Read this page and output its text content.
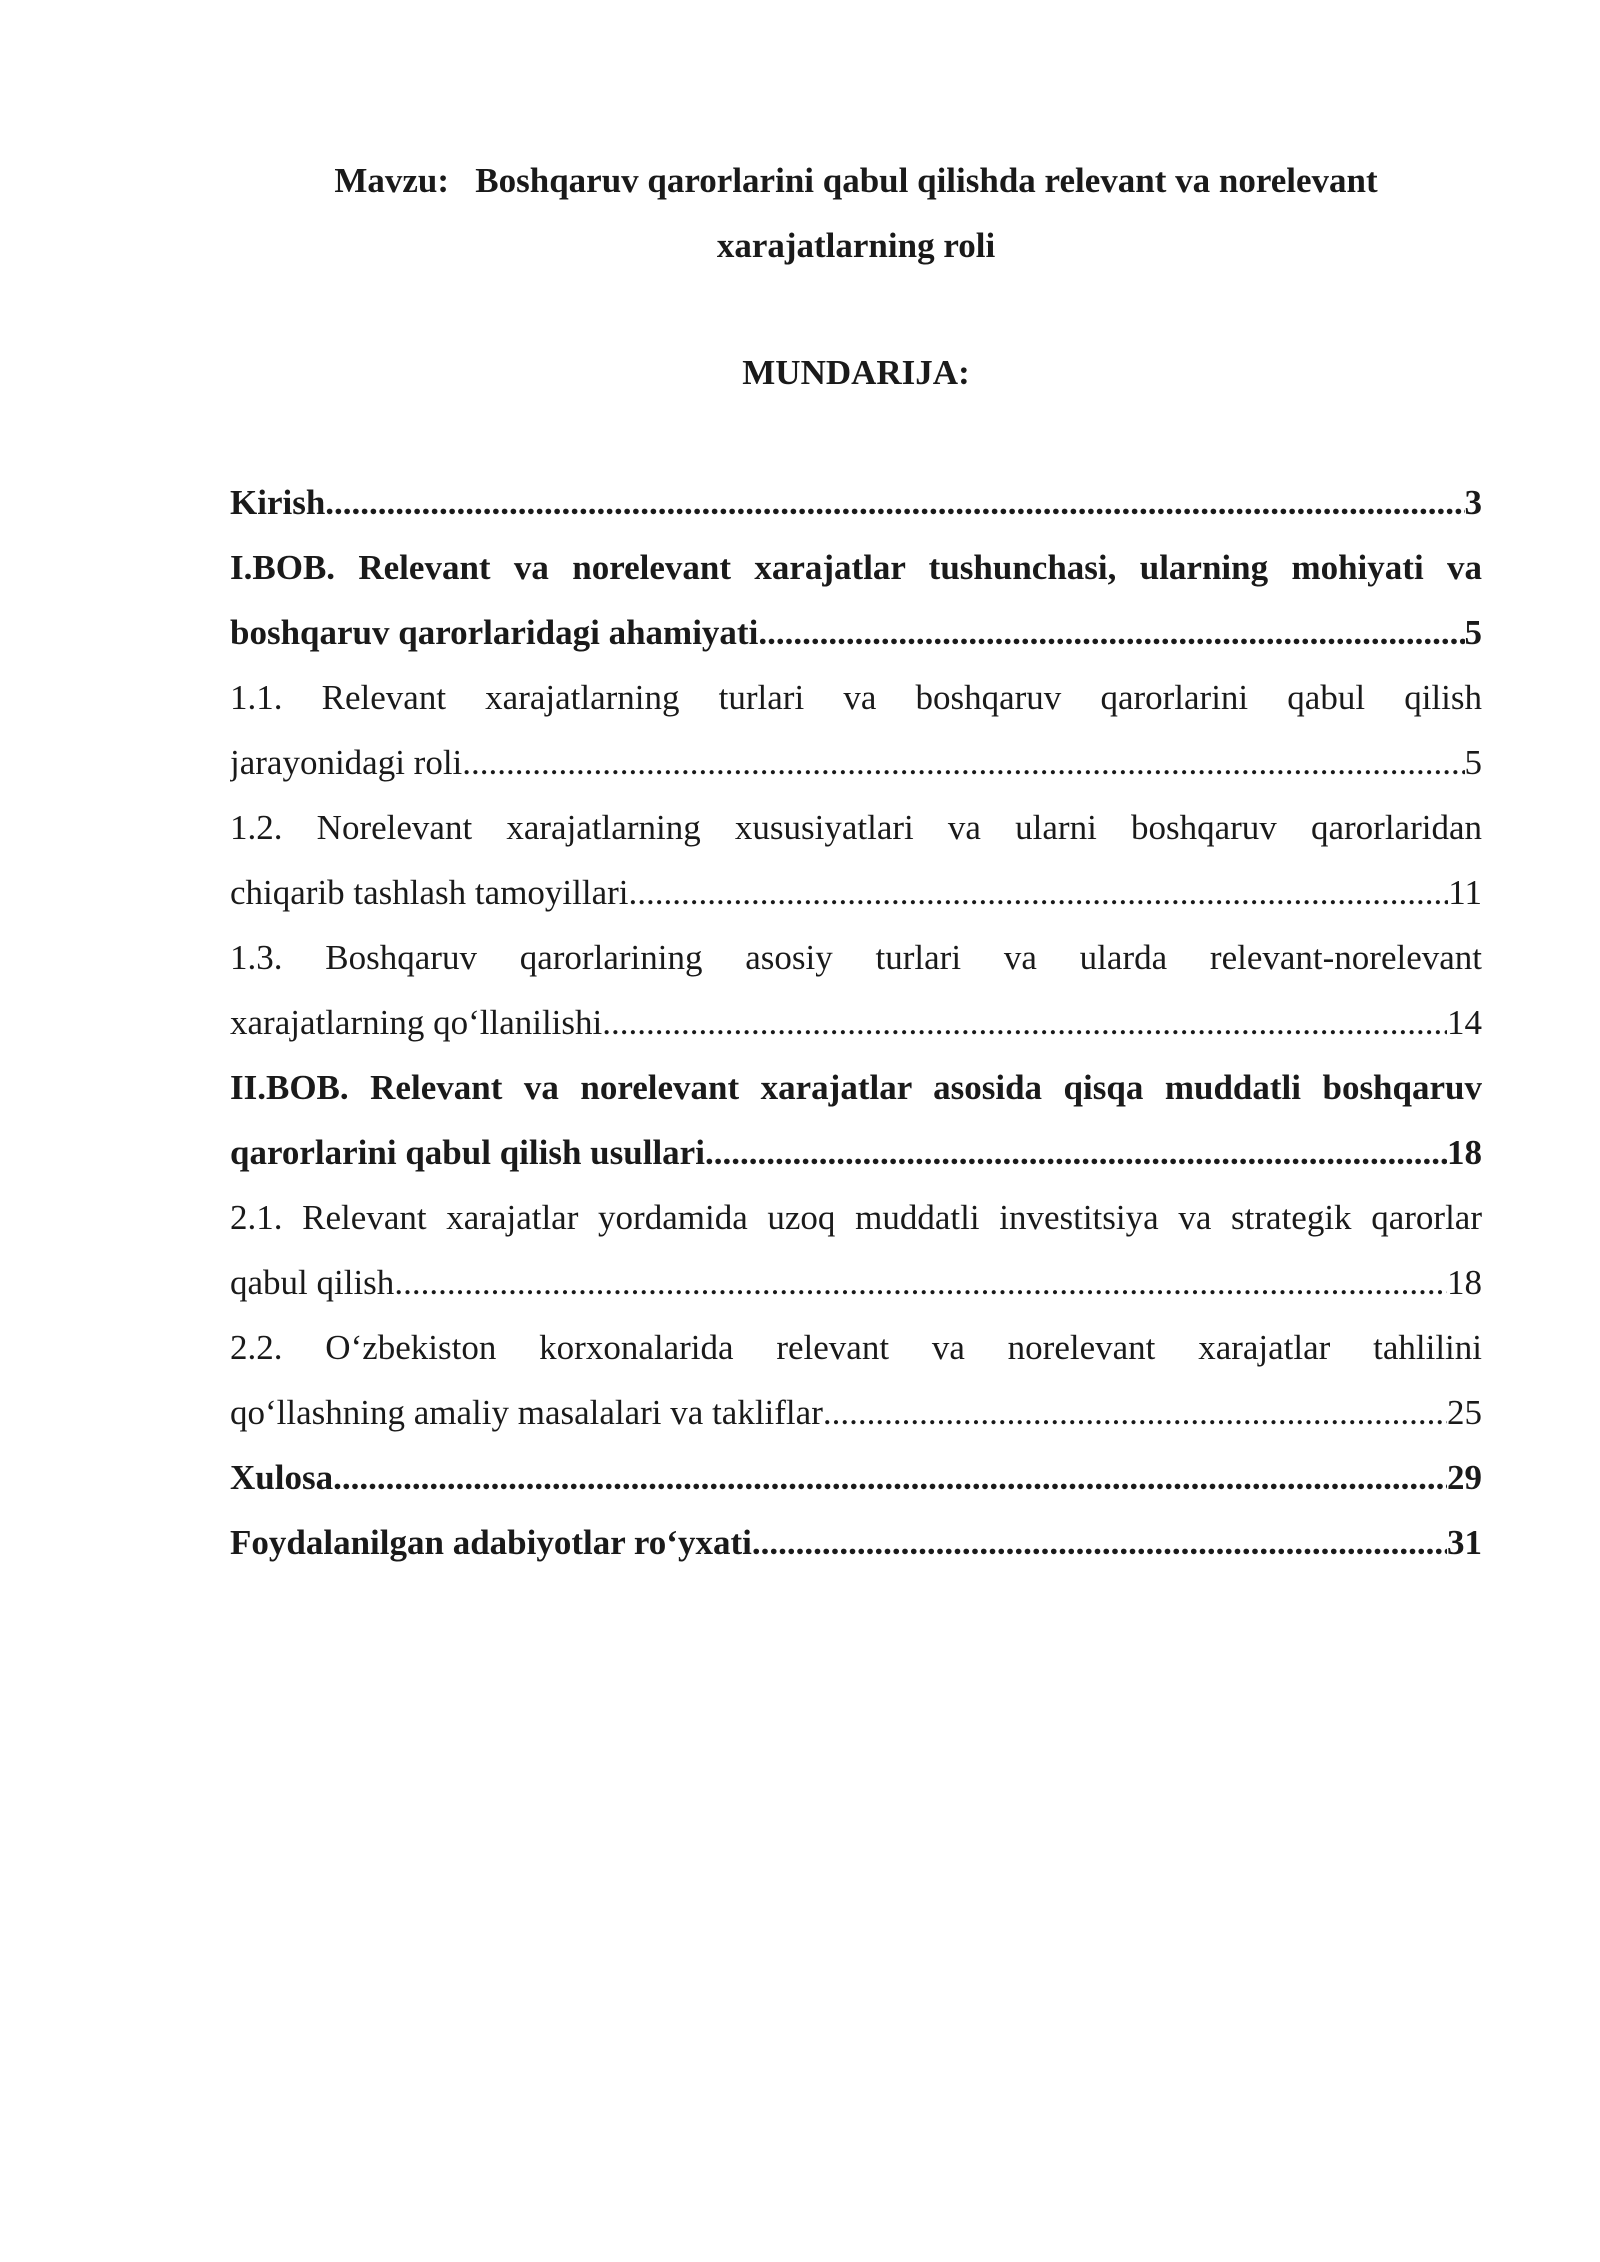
Mavzu: Boshqaruv qarorlarini qabul qilishda relevant va norelevant
xarajatlarning roli
MUNDARIJA:
Kirish .....	3
I.BOB. Relevant va norelevant xarajatlar tushunchasi, ularning mohiyati va
boshqaruv qarorlaridagi ahamiyati .....	5
1.1. Relevant xarajatlarning turlari va boshqaruv qarorlarini qabul qilish
jarayonidagi roli .....	5
1.2. Norelevant xarajatlarning xususiyatlari va ularni boshqaruv qarorlaridan
chiqarib tashlash tamoyillari .....	11
1.3. Boshqaruv qarorlarining asosiy turlari va ularda relevant-norelevant
xarajatlarning qo‘llanilishi .....	14
II.BOB. Relevant va norelevant xarajatlar asosida qisqa muddatli boshqaruv
qarorlarini qabul qilish usullari .....	18
2.1. Relevant xarajatlar yordamida uzoq muddatli investitsiya va strategik qarorlar
qabul qilish .....	18
2.2. O‘zbekiston korxonalarida relevant va norelevant xarajatlar tahlilini
qo‘llashning amaliy masalalari va takliflar .....	25
Xulosa .....	29
Foydalanilgan adabiyotlar ro‘yxati .....	31
